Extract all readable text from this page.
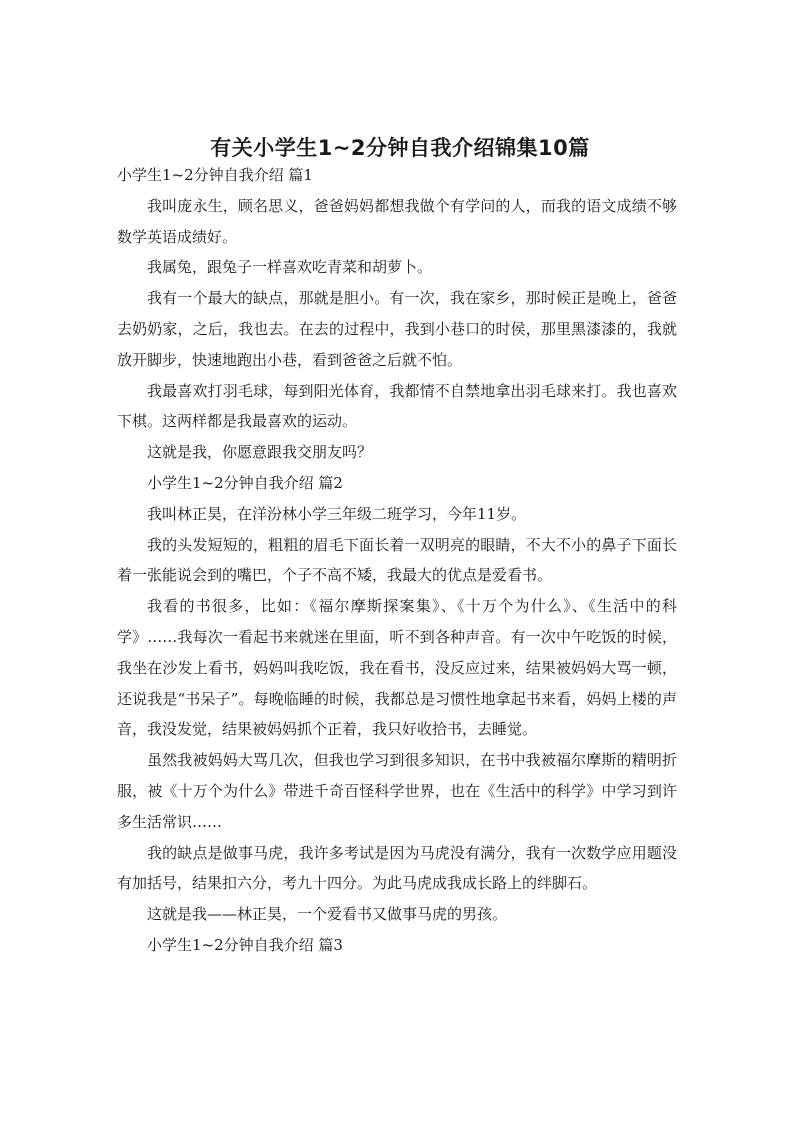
有关小学生1~2分钟自我介绍锦集10篇

小学生1~2分钟自我介绍 篇1

我叫庞永生，顾名思义，爸爸妈妈都想我做个有学问的人，而我的语文成绩不够数学英语成绩好。

我属兔，跟兔子一样喜欢吃青菜和胡萝卜。

我有一个最大的缺点，那就是胆小。有一次，我在家乡，那时候正是晚上，爸爸去奶奶家，之后，我也去。在去的过程中，我到小巷口的时侯，那里黑漆漆的，我就放开脚步，快速地跑出小巷，看到爸爸之后就不怕。

我最喜欢打羽毛球，每到阳光体育，我都情不自禁地拿出羽毛球来打。我也喜欢下棋。这两样都是我最喜欢的运动。

这就是我，你愿意跟我交朋友吗？

小学生1~2分钟自我介绍 篇2

我叫林正昊，在洋汾林小学三年级二班学习，今年11岁。

我的头发短短的，粗粗的眉毛下面长着一双明亮的眼睛，不大不小的鼻子下面长着一张能说会到的嘴巴，个子不高不矮，我最大的优点是爱看书。

我看的书很多，比如：《福尔摩斯探案集》、《十万个为什么》、《生活中的科学》……我每次一看起书来就迷在里面，听不到各种声音。有一次中午吃饭的时候，我坐在沙发上看书，妈妈叫我吃饭，我在看书，没反应过来，结果被妈妈大骂一顿，还说我是“书呆子”。每晚临睡的时候，我都总是习惯性地拿起书来看，妈妈上楼的声音，我没发觉，结果被妈妈抓个正着，我只好收拾书，去睡觉。

虽然我被妈妈大骂几次，但我也学习到很多知识，在书中我被福尔摩斯的精明折服，被《十万个为什么》带进千奇百怪科学世界，也在《生活中的科学》中学习到许多生活常识……

我的缺点是做事马虎，我许多考试是因为马虎没有满分，我有一次数学应用题没有加括号，结果扣六分，考九十四分。为此马虎成我成长路上的绊脚石。

这就是我——林正昊，一个爱看书又做事马虎的男孩。

小学生1~2分钟自我介绍 篇3
